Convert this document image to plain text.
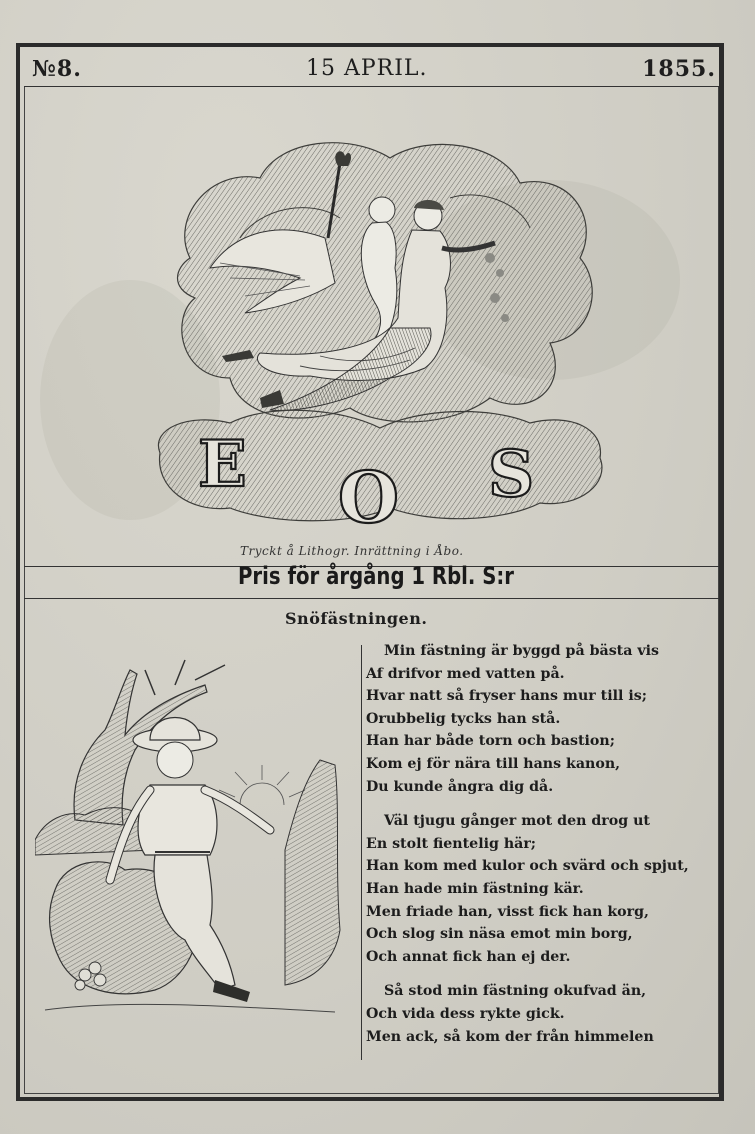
№8.	15 APRIL.	1855.
E O S
Tryckt å Lithogr. Inrättning i Åbo.
Pris för årgång 1 Rbl. S:r
Snöfästningen.
Min fästning är byggd på bästa vis
Af drifvor med vatten på.
Hvar natt så fryser hans mur till is;
Orubbelig tycks han stå.
Han har både torn och bastion;
Kom ej för nära till hans kanon,
Du kunde ångra dig då.
Väl tjugu gånger mot den drog ut
En stolt fientelig här;
Han kom med kulor och svärd och spjut,
Han hade min fästning kär.
Men friade han, visst fick han korg,
Och slog sin näsa emot min borg,
Och annat fick han ej der.
Så stod min fästning okufvad än,
Och vida dess rykte gick.
Men ack, så kom der från himmelen
